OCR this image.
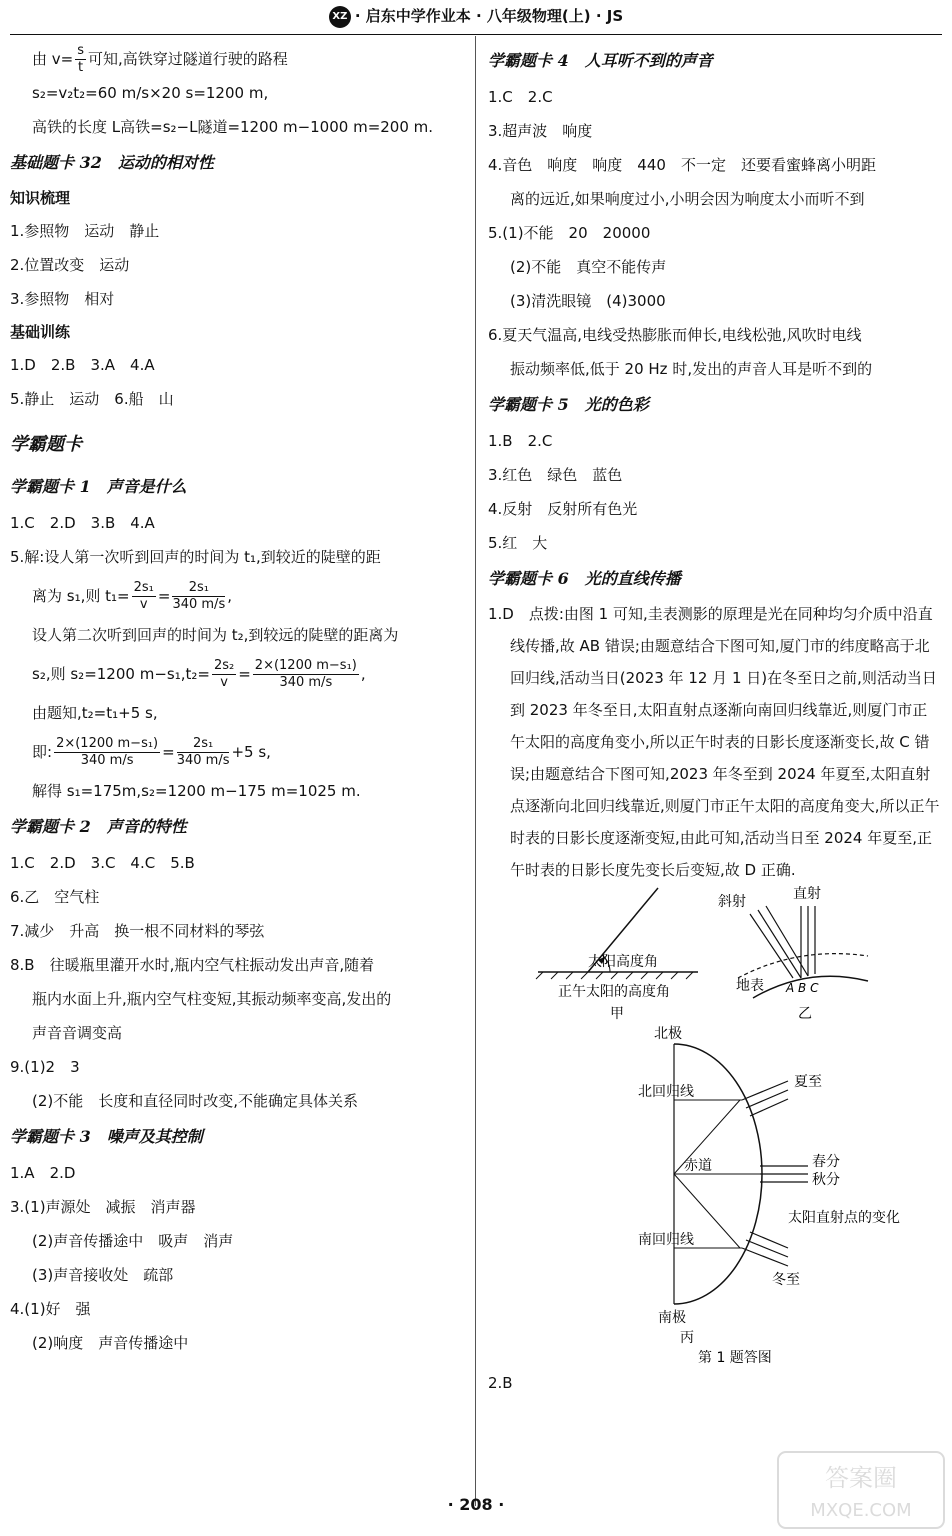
XZ · 启东中学作业本 · 八年级物理(上) · JS
由 $v= \frac{s}{t}$ 可知,高铁穿过隧道行驶的路程
s₂=v₂t₂=60 m/s×20 s=1200 m,
高铁的长度 L高铁=s₂−L隧道=1200 m−1000 m=200 m.
基础题卡 32　运动的相对性
知识梳理
1.参照物　运动　静止
2.位置改变　运动
3.参照物　相对
基础训练
1.D　2.B　3.A　4.A
5.静止　运动　6.船　山
学霸题卡
学霸题卡 1　声音是什么
1.C　2.D　3.B　4.A
5.解:设人第一次听到回声的时间为 t₁,到较近的陡壁的距
离为 s₁,则 $t_1= \frac{\text{2s₁}}{v} = \frac{\text{2s₁}}{340 m/s}$ ,
设人第二次听到回声的时间为 t₂,到较远的陡壁的距离为
s₂,则 s₂=1200 $m-s_1,t_2= \frac{\text{2s₂}}{v} = \frac{\text{2×(1200 m−s₁)}}{340 m/s}$ ,
由题知,t₂=t₁+5 s,
即: $\frac{\text{2×(1200 m−s₁)}}{340 m/s} = \frac{\text{2s₁}}{340 m/s} +5$ s,
解得 s₁=175m,s₂=1200 m−175 m=1025 m.
学霸题卡 2　声音的特性
1.C　2.D　3.C　4.C　5.B
6.乙　空气柱
7.减少　升高　换一根不同材料的琴弦
8.B　往暖瓶里灌开水时,瓶内空气柱振动发出声音,随着
瓶内水面上升,瓶内空气柱变短,其振动频率变高,发出的
声音音调变高
9.(1)2　3
(2)不能　长度和直径同时改变,不能确定具体关系
学霸题卡 3　噪声及其控制
1.A　2.D
3.(1)声源处　减振　消声器
(2)声音传播途中　吸声　消声
(3)声音接收处　疏部
4.(1)好　强
(2)响度　声音传播途中
学霸题卡 4　人耳听不到的声音
1.C　2.C
3.超声波　响度
4.音色　响度　响度　440　不一定　还要看蜜蜂离小明距
离的远近,如果响度过小,小明会因为响度太小而听不到
5.(1)不能　20　20000
(2)不能　真空不能传声
(3)清洗眼镜　(4)3000
6.夏天气温高,电线受热膨胀而伸长,电线松弛,风吹时电线
振动频率低,低于 20 Hz 时,发出的声音人耳是听不到的
学霸题卡 5　光的色彩
1.B　2.C
3.红色　绿色　蓝色
4.反射　反射所有色光
5.红　大
学霸题卡 6　光的直线传播
1.D　点拨:由图 1 可知,圭表测影的原理是光在同种均匀介质中沿直线传播,故 AB 错误;由题意结合下图可知,厦门市的纬度略高于北回归线,活动当日(2023 年 12 月 1 日)在冬至日之前,则活动当日到 2023 年冬至日,太阳直射点逐渐向南回归线靠近,则厦门市正午太阳的高度角变小,所以正午时表的日影长度逐渐变长,故 C 错误;由题意结合下图可知,2023 年冬至到 2024 年夏至,太阳直射点逐渐向北回归线靠近,则厦门市正午太阳的高度角变大,所以正午时表的日影长度逐渐变短,由此可知,活动当日至 2024 年夏至,正午时表的日影长度先变长后变短,故 D 正确.
太阳高度角
正午太阳的高度角
甲
斜射	直射
地表 A B C
乙
北极
北回归线
夏至
赤道	春分
秋分
南回归线
太阳直射点的变化
冬至
南极
丙
第 1 题答图
2.B
· 208 ·
答案圈
MXQE.COM
